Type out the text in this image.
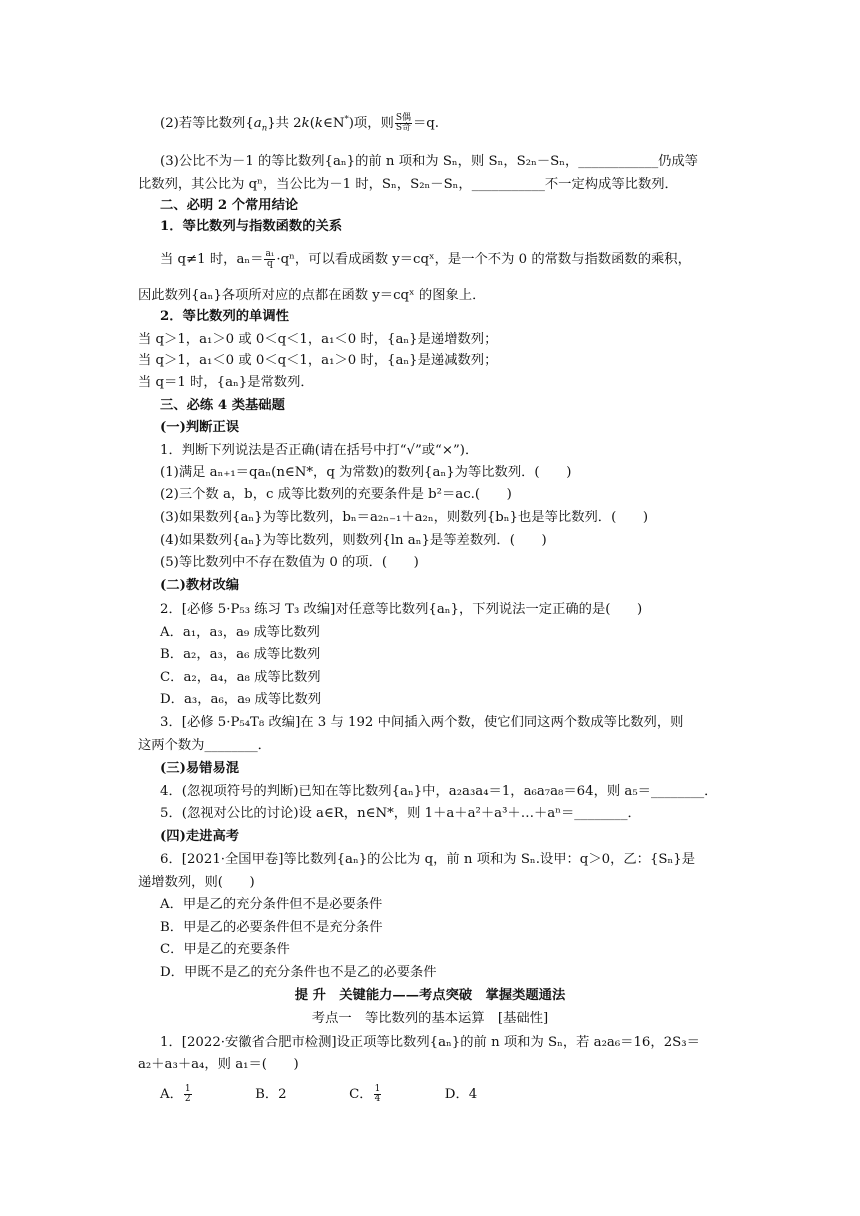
(2)若等比数列$\{a_n\}$共 2k(k∈N*)项，则 $\frac{\text{S偶}}{\text{S奇}} =q$.
(3)公比不为－1 的等比数列{aₙ}的前 n 项和为 Sₙ，则 Sₙ，S₂ₙ－Sₙ，____________仍成等
比数列，其公比为 qⁿ，当公比为－1 时，Sₙ，S₂ₙ－Sₙ，___________不一定构成等比数列．
二、必明 2 个常用结论
1．等比数列与指数函数的关系
当 q≠1 时，$a_n= \frac{\text{a₁}}{q} \cdot q^n$，可以看成函数 y＝cqˣ，是一个不为 0 的常数与指数函数的乘积，
因此数列{aₙ}各项所对应的点都在函数 y＝cqˣ 的图象上．
2．等比数列的单调性
当 q＞1，a₁＞0 或 0＜q＜1，a₁＜0 时，{aₙ}是递增数列；
当 q＞1，a₁＜0 或 0＜q＜1，a₁＞0 时，{aₙ}是递减数列；
当 q＝1 时，{aₙ}是常数列．
三、必练 4 类基础题
(一)判断正误
1．判断下列说法是否正确(请在括号中打“√”或“×”)．
(1)满足 aₙ₊₁＝qaₙ(n∈N*，q 为常数)的数列{aₙ}为等比数列．(　　)
(2)三个数 a，b，c 成等比数列的充要条件是 b²＝ac.(　　)
(3)如果数列{aₙ}为等比数列，bₙ＝a₂ₙ₋₁＋a₂ₙ，则数列{bₙ}也是等比数列．(　　)
(4)如果数列{aₙ}为等比数列，则数列{ln aₙ}是等差数列．(　　)
(5)等比数列中不存在数值为 0 的项．(　　)
(二)教材改编
2．[必修 5·P₅₃ 练习 T₃ 改编]对任意等比数列{aₙ}，下列说法一定正确的是(　　)
A．a₁，a₃，a₉ 成等比数列
B．a₂，a₃，a₆ 成等比数列
C．a₂，a₄，a₈ 成等比数列
D．a₃，a₆，a₉ 成等比数列
3．[必修 5·P₅₄T₈ 改编]在 3 与 192 中间插入两个数，使它们同这两个数成等比数列，则
这两个数为________．
(三)易错易混
4．(忽视项符号的判断)已知在等比数列{aₙ}中，a₂a₃a₄＝1，a₆a₇a₈＝64，则 a₅＝________．
5．(忽视对公比的讨论)设 a∈R，n∈N*，则 1＋a＋a²＋a³＋…＋aⁿ＝________．
(四)走进高考
6．[2021·全国甲卷]等比数列{aₙ}的公比为 q，前 n 项和为 Sₙ.设甲：q＞0，乙：{Sₙ}是
递增数列，则(　　)
A．甲是乙的充分条件但不是必要条件
B．甲是乙的必要条件但不是充分条件
C．甲是乙的充要条件
D．甲既不是乙的充分条件也不是乙的必要条件
提 升　关键能力——考点突破　掌握类题通法
考点一　等比数列的基本运算　[基础性]
1．[2022·安徽省合肥市检测]设正项等比数列{aₙ}的前 n 项和为 Sₙ，若 a₂a₆＝16，2S₃＝
a₂＋a₃＋a₄，则 a₁＝(　　)
A． $\frac{1}{2}$	B．2	C． $\frac{1}{4}$	D．4
